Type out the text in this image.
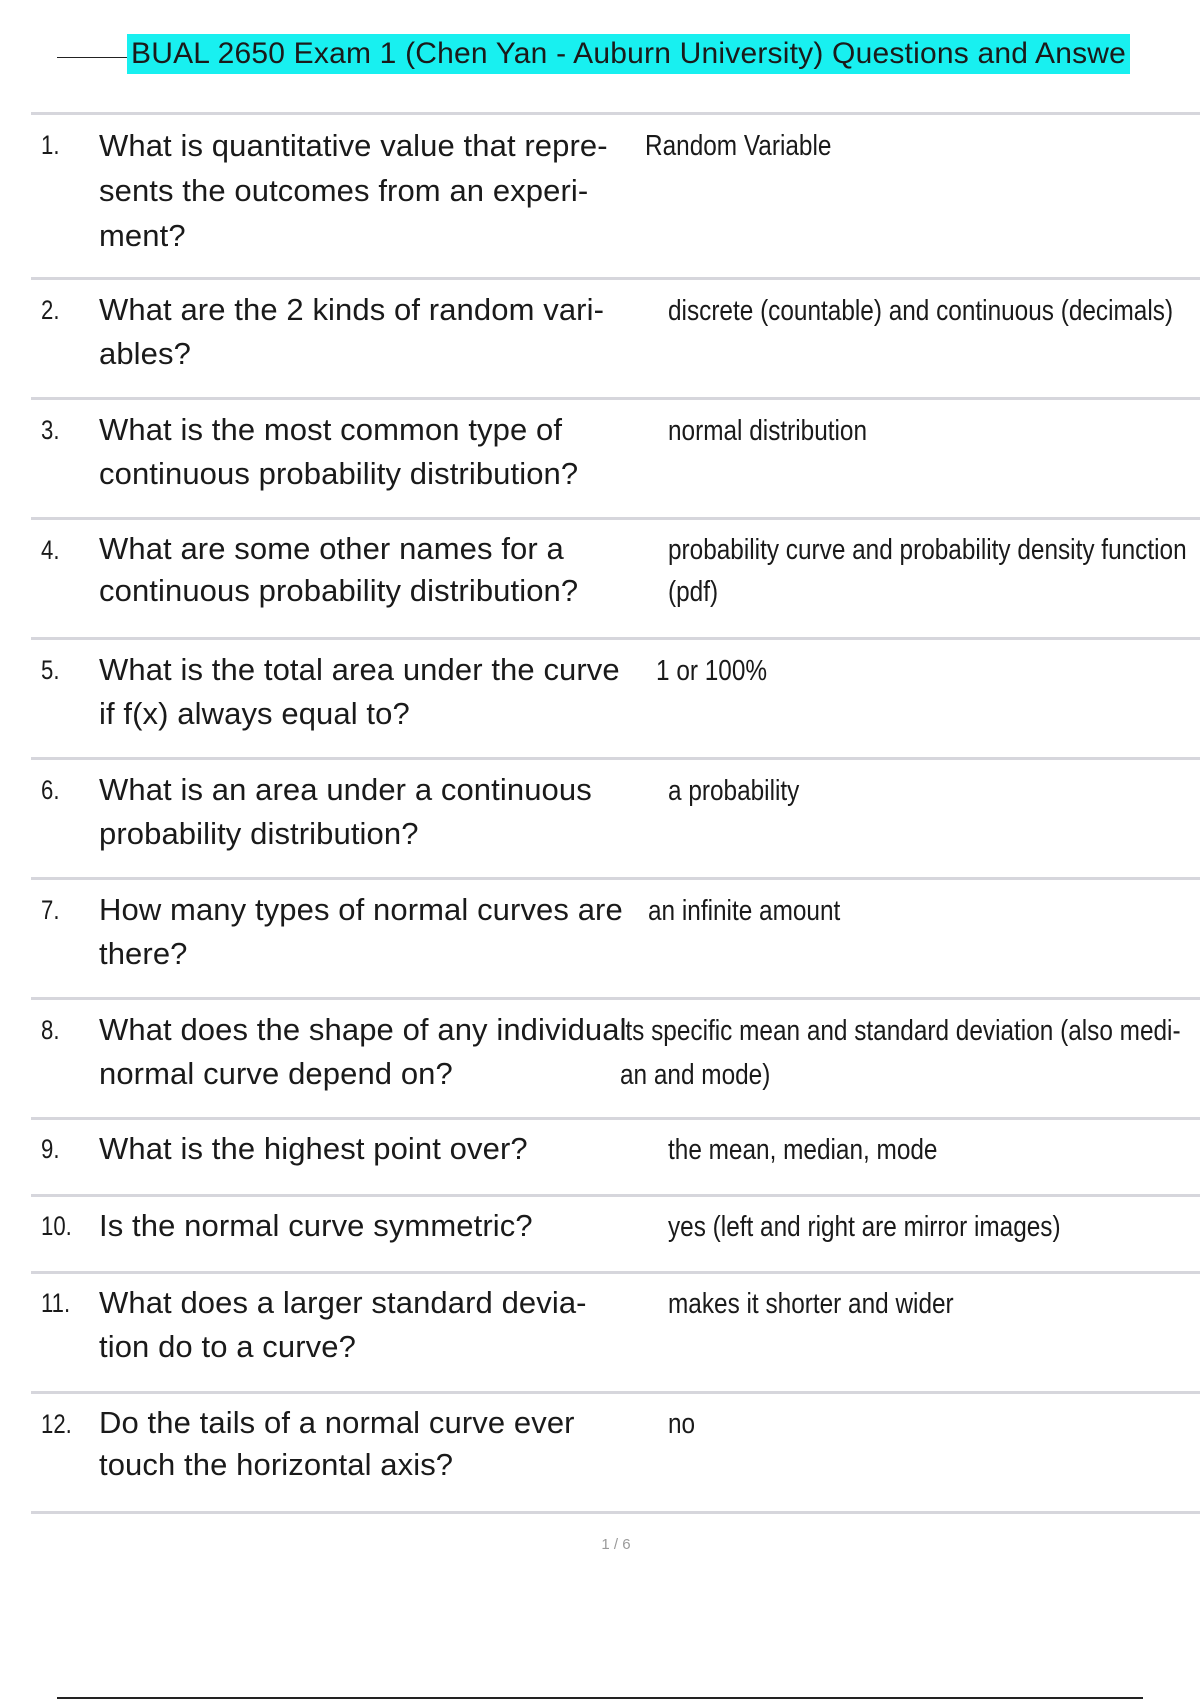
BUAL 2650 Exam 1 (Chen Yan - Auburn University) Questions and Answe
1. What is quantitative value that repre-
sents the outcomes from an experi-
ment?
Random Variable
2. What are the 2 kinds of random vari-
ables?
discrete (countable) and continuous (decimals)
3. What is the most common type of
continuous probability distribution?
normal distribution
4. What are some other names for a
continuous probability distribution?
probability curve and probability density function
(pdf)
5. What is the total area under the curve
if f(x) always equal to?
1 or 100%
6. What is an area under a continuous
probability distribution?
a probability
7. How many types of normal curves are
there?
an infinite amount
8. What does the shape of any individual
normal curve depend on?
its specific mean and standard deviation (also medi-
an and mode)
9. What is the highest point over?	the mean, median, mode
10. Is the normal curve symmetric?	yes (left and right are mirror images)
11. What does a larger standard devia-
tion do to a curve?
makes it shorter and wider
12. Do the tails of a normal curve ever
touch the horizontal axis?
no
1 / 6
